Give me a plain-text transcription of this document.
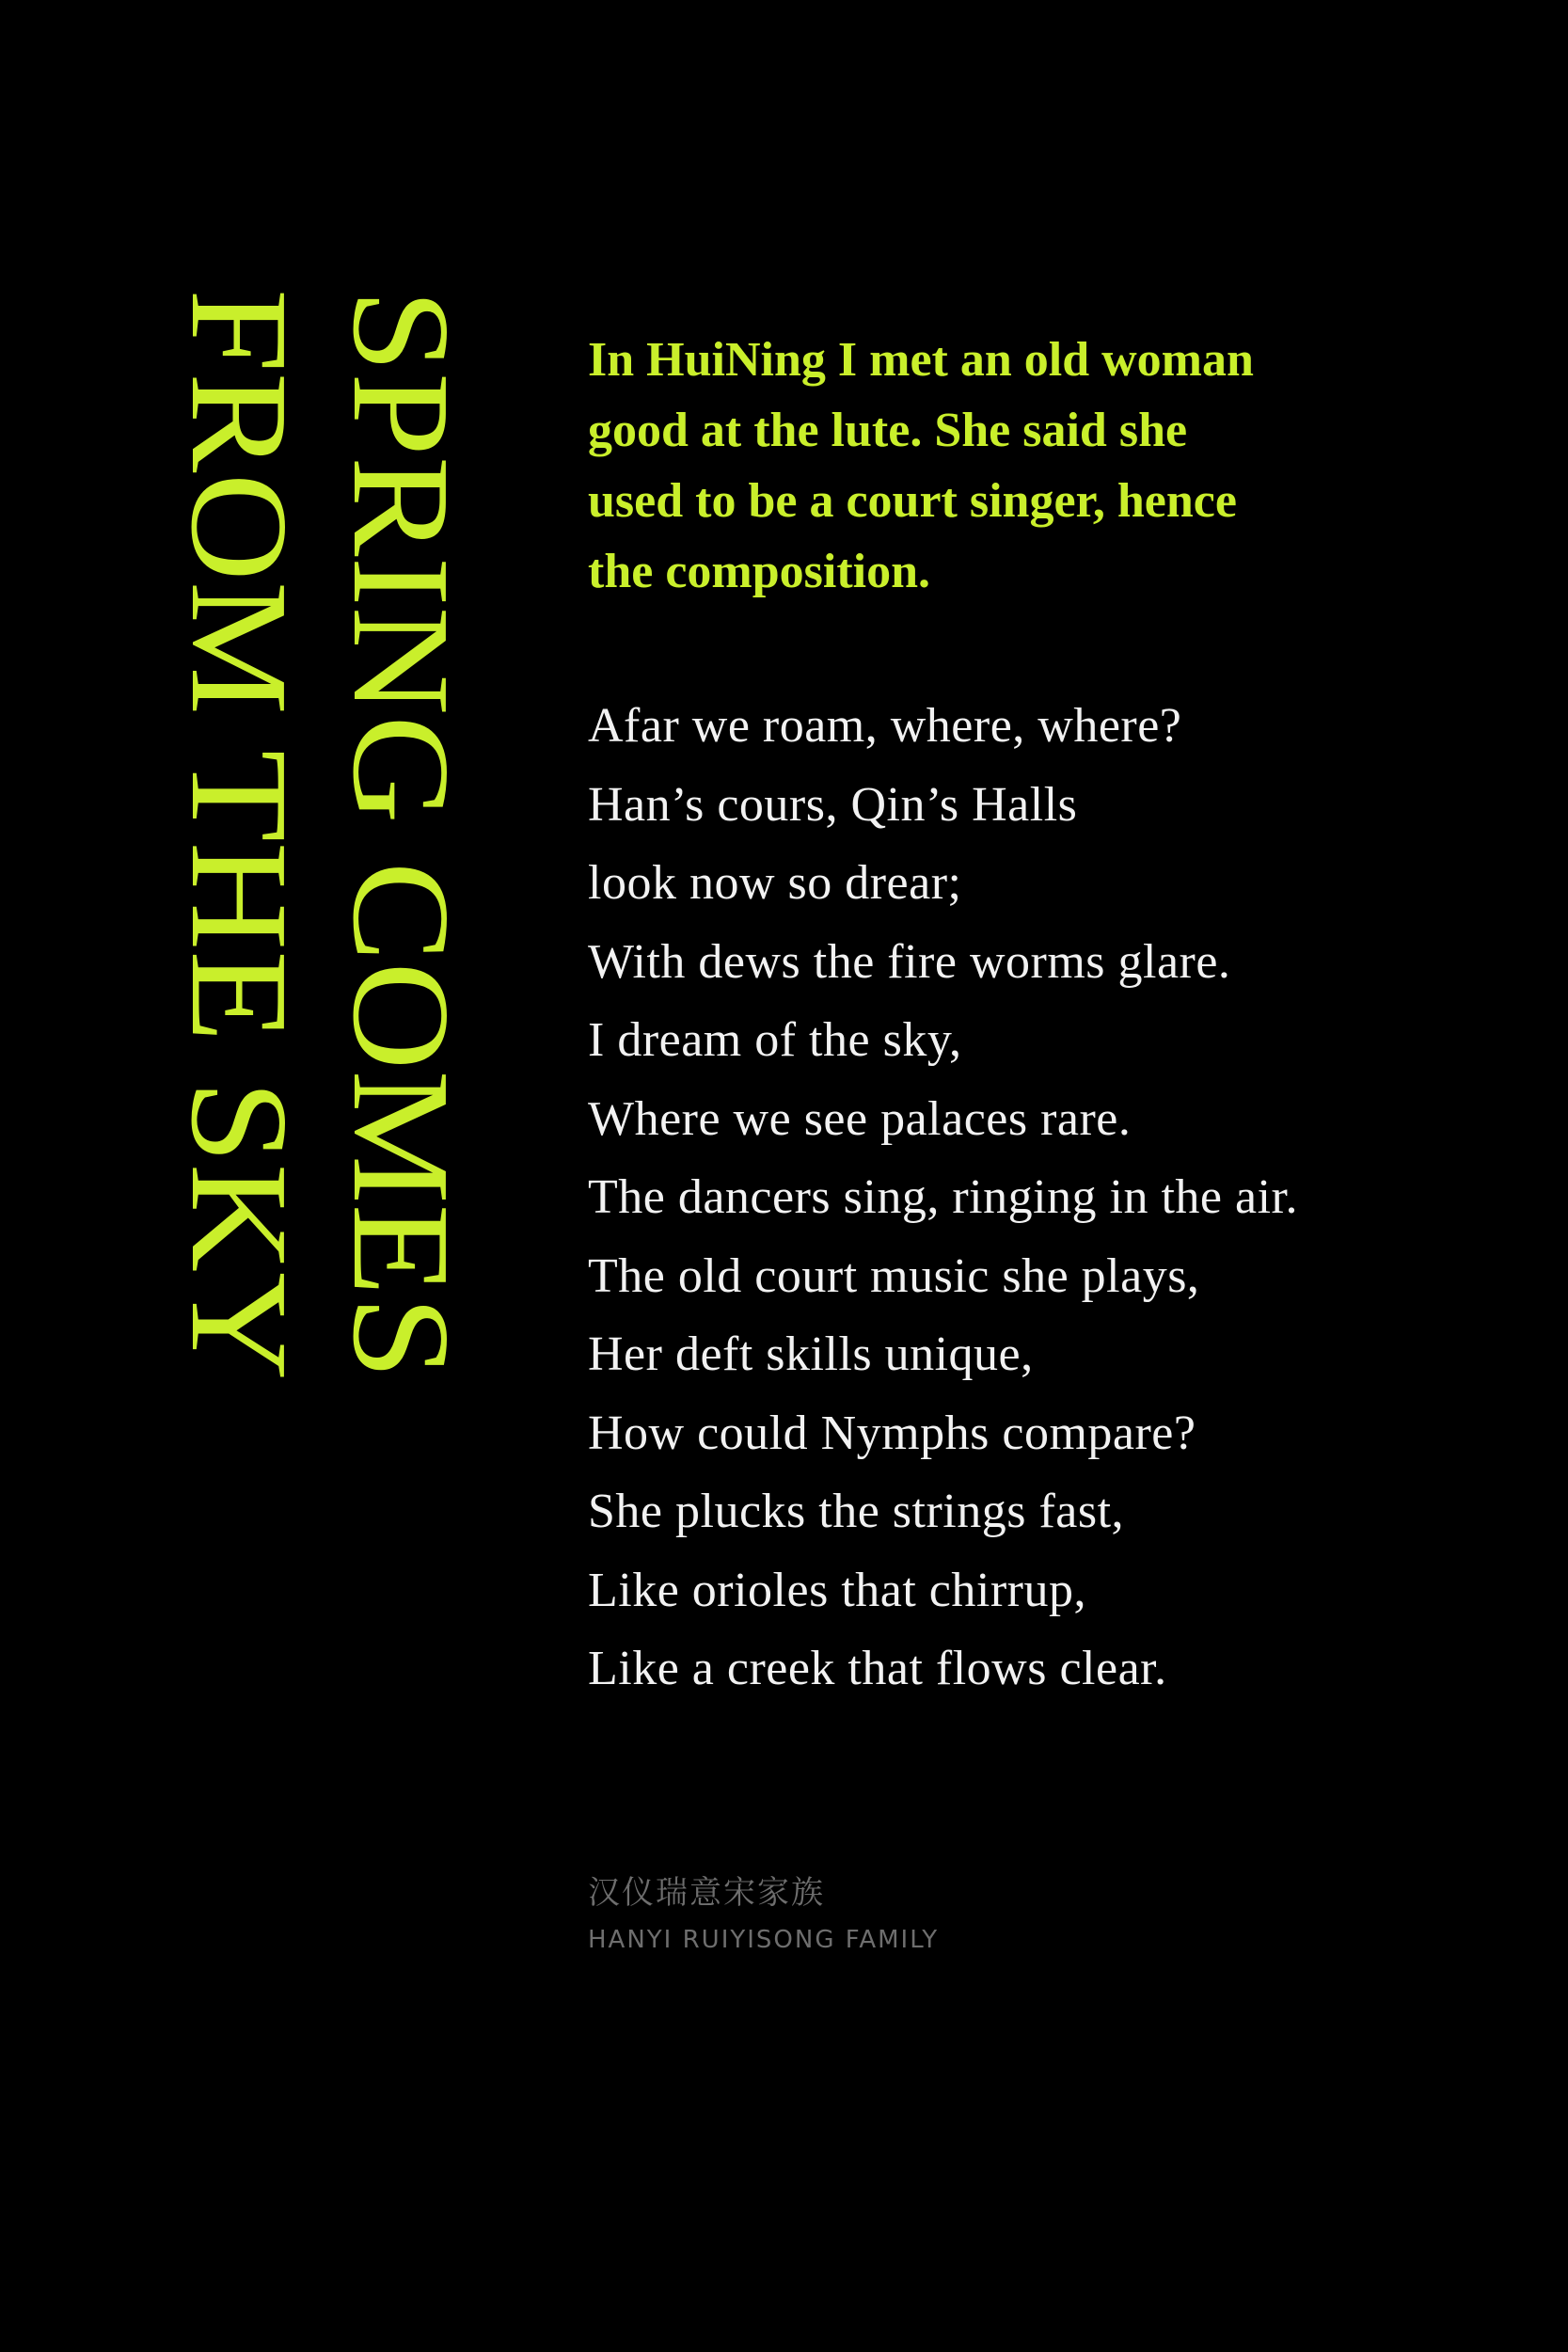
SPRING COMES
FROM THE SKY	In HuiNing I met an old woman
good at the lute. She said she
used to be a court singer, hence
the composition.

Afar we roam, where, where?
Han’s cours, Qin’s Halls
look now so drear;
With dews the fire worms glare.
I dream of the sky,
Where we see palaces rare.
The dancers sing, ringing in the air.
The old court music she plays,
Her deft skills unique,
How could Nymphs compare?
She plucks the strings fast,
Like orioles that chirrup,
Like a creek that flows clear.
汉仪瑞意宋家族
HANYI RUIYISONG FAMILY
